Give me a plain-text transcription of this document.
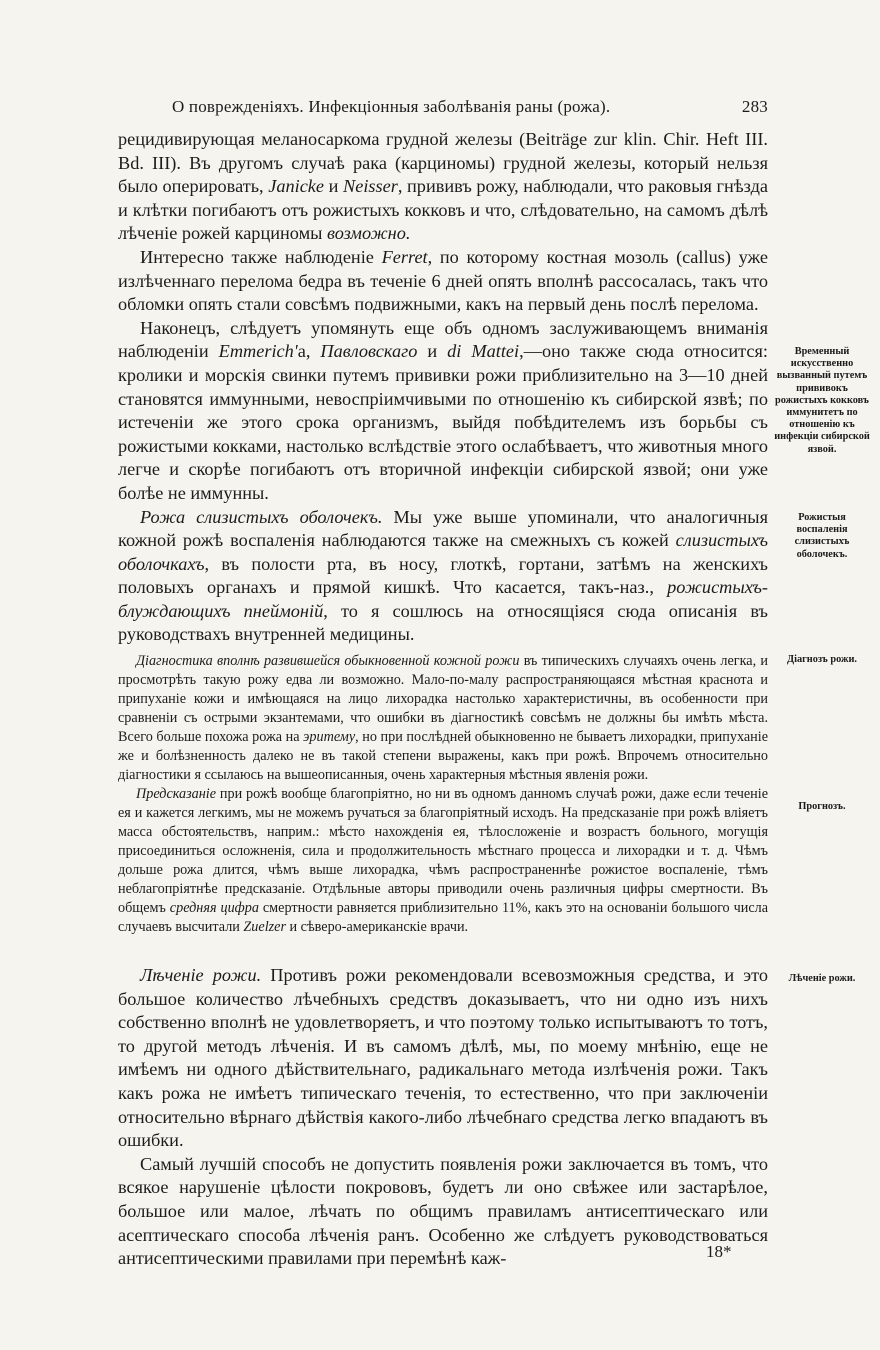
О поврежденіяхъ. Инфекціонныя заболѣванія раны (рожа).	283

рецидивирующая меланосаркома грудной железы (Beiträge zur klin. Chir. Heft III. Bd. III). Въ другомъ случаѣ рака (карциномы) грудной железы, который нельзя было оперировать, Janicke и Neisser, прививъ рожу, наблюдали, что раковыя гнѣзда и клѣтки погибаютъ отъ рожистыхъ кокковъ и что, слѣдовательно, на самомъ дѣлѣ лѣченіе рожей карциномы возможно.

Интересно также наблюденіе Ferret, по которому костная мозоль (callus) уже излѣченнаго перелома бедра въ теченіе 6 дней опять вполнѣ рассосалась, такъ что обломки опять стали совсѣмъ подвижными, какъ на первый день послѣ перелома.

Наконецъ, слѣдуетъ упомянуть еще объ одномъ заслуживающемъ вниманія наблюденіи Emmerich'а, Павловскаго и di Mattei,—оно также сюда относится: кролики и морскія свинки путемъ прививки рожи приблизительно на 3—10 дней становятся иммунными, невоспріимчивыми по отношенію къ сибирской язвѣ; по истеченіи же этого срока организмъ, выйдя побѣдителемъ изъ борьбы съ рожистыми кокками, настолько вслѣдствіе этого ослабѣваетъ, что животныя много легче и скорѣе погибаютъ отъ вторичной инфекціи сибирской язвой; они уже болѣе не иммунны.

Рожа слизистыхъ оболочекъ. Мы уже выше упоминали, что аналогичныя кожной рожѣ воспаленія наблюдаются также на смежныхъ съ кожей слизистыхъ оболочкахъ, въ полости рта, въ носу, глоткѣ, гортани, затѣмъ на женскихъ половыхъ органахъ и прямой кишкѣ. Что касается, такъ-наз., рожистыхъ-блуждающихъ пнеймоній, то я сошлюсь на относящіяся сюда описанія въ руководствахъ внутренней медицины.

Діагностика вполнѣ развившейся обыкновенной кожной рожи въ типическихъ случаяхъ очень легка, и просмотрѣть такую рожу едва ли возможно. Мало-по-малу распространяющаяся мѣстная краснота и припуханіе кожи и имѣющаяся на лицо лихорадка настолько характеристичны, въ особенности при сравненіи съ острыми экзантемами, что ошибки въ діагностикѣ совсѣмъ не должны бы имѣть мѣста. Всего больше похожа рожа на эритему, но при послѣдней обыкновенно не бываетъ лихорадки, припуханіе же и болѣзненность далеко не въ такой степени выражены, какъ при рожѣ. Впрочемъ относительно діагностики я ссылаюсь на вышеописанныя, очень характерныя мѣстныя явленія рожи.

Предсказаніе при рожѣ вообще благопріятно, но ни въ одномъ данномъ случаѣ рожи, даже если теченіе ея и кажется легкимъ, мы не можемъ ручаться за благопріятный исходъ. На предсказаніе при рожѣ вліяетъ масса обстоятельствъ, наприм.: мѣсто нахожденія ея, тѣлосложеніе и возрастъ больного, могущія присоединиться осложненія, сила и продолжительность мѣстнаго процесса и лихорадки и т. д. Чѣмъ дольше рожа длится, чѣмъ выше лихорадка, чѣмъ распространеннѣе рожистое воспаленіе, тѣмъ неблагопріятнѣе предсказаніе. Отдѣльные авторы приводили очень различныя цифры смертности. Въ общемъ средняя цифра смертности равняется приблизительно 11%, какъ это на основаніи большого числа случаевъ высчитали Zuelzer и сѣверо-американскіе врачи.

Лѣченіе рожи. Противъ рожи рекомендовали всевозможныя средства, и это большое количество лѣчебныхъ средствъ доказываетъ, что ни одно изъ нихъ собственно вполнѣ не удовлетворяетъ, и что поэтому только испытываютъ то тотъ, то другой методъ лѣченія. И въ самомъ дѣлѣ, мы, по моему мнѣнію, еще не имѣемъ ни одного дѣйствительнаго, радикальнаго метода излѣченія рожи. Такъ какъ рожа не имѣетъ типическаго теченія, то естественно, что при заключеніи относительно вѣрнаго дѣйствія какого-либо лѣчебнаго средства легко впадаютъ въ ошибки.

Самый лучшій способъ не допустить появленія рожи заключается въ томъ, что всякое нарушеніе цѣлости покрововъ, будетъ ли оно свѣжее или застарѣлое, большое или малое, лѣчать по общимъ правиламъ антисептическаго или асептическаго способа лѣченія ранъ. Особенно же слѣдуетъ руководствоваться антисептическими правилами при перемѣнѣ каж-

Временный искусственно вызванный путемъ прививокъ рожистыхъ кокковъ иммунитетъ по отношенію къ инфекціи сибирской язвой.
Рожистыя воспаленія слизистыхъ оболочекъ.
Діагнозъ рожи.
Прогнозъ.
Лѣченіе рожи.
18*
